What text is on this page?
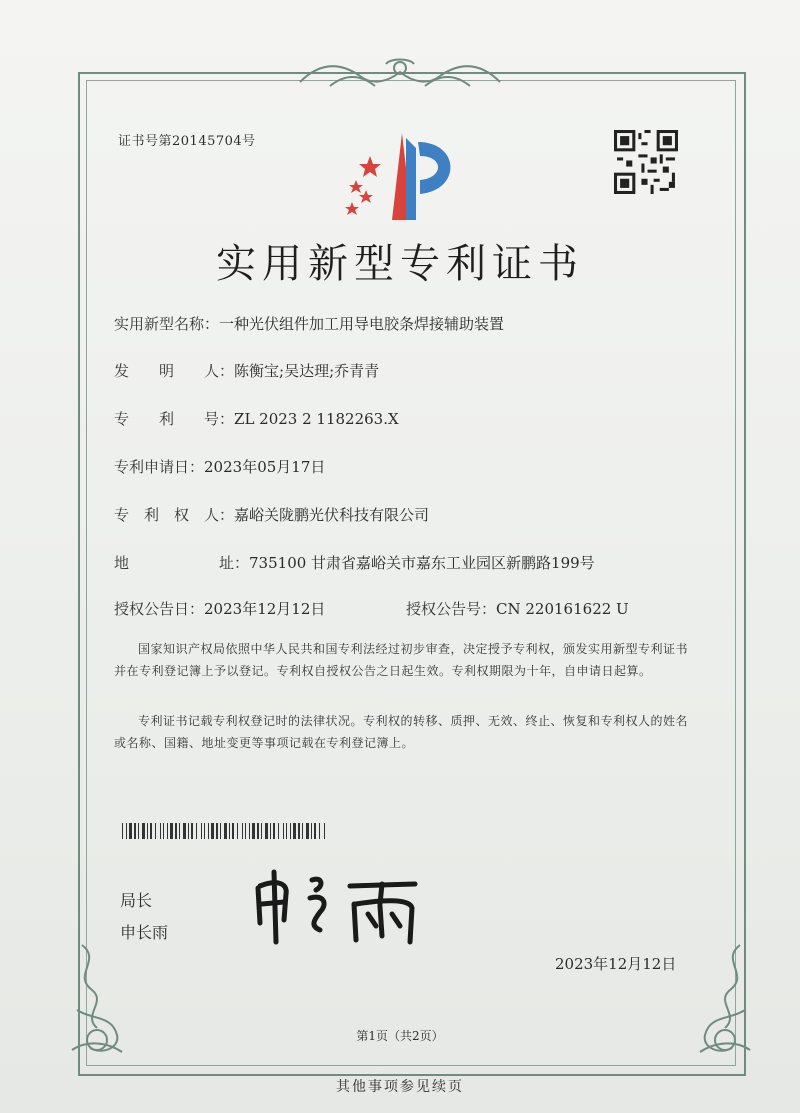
证书号第20145704号
实用新型专利证书
实用新型名称：一种光伏组件加工用导电胶条焊接辅助装置
发　　明　　人：陈衡宝;吴达理;乔青青
专　　利　　号：ZL 2023 2 1182263.X
专利申请日：2023年05月17日
专　利　权　人：嘉峪关陇鹏光伏科技有限公司
地　　　　　　址：735100 甘肃省嘉峪关市嘉东工业园区新鹏路199号
授权公告日：2023年12月12日	授权公告号：CN 220161622 U
国家知识产权局依照中华人民共和国专利法经过初步审查，决定授予专利权，颁发实用新型专利证书并在专利登记簿上予以登记。专利权自授权公告之日起生效。专利权期限为十年，自申请日起算。
专利证书记载专利权登记时的法律状况。专利权的转移、质押、无效、终止、恢复和专利权人的姓名或名称、国籍、地址变更等事项记载在专利登记簿上。
局长
申长雨
2023年12月12日
第1页（共2页）
其他事项参见续页
